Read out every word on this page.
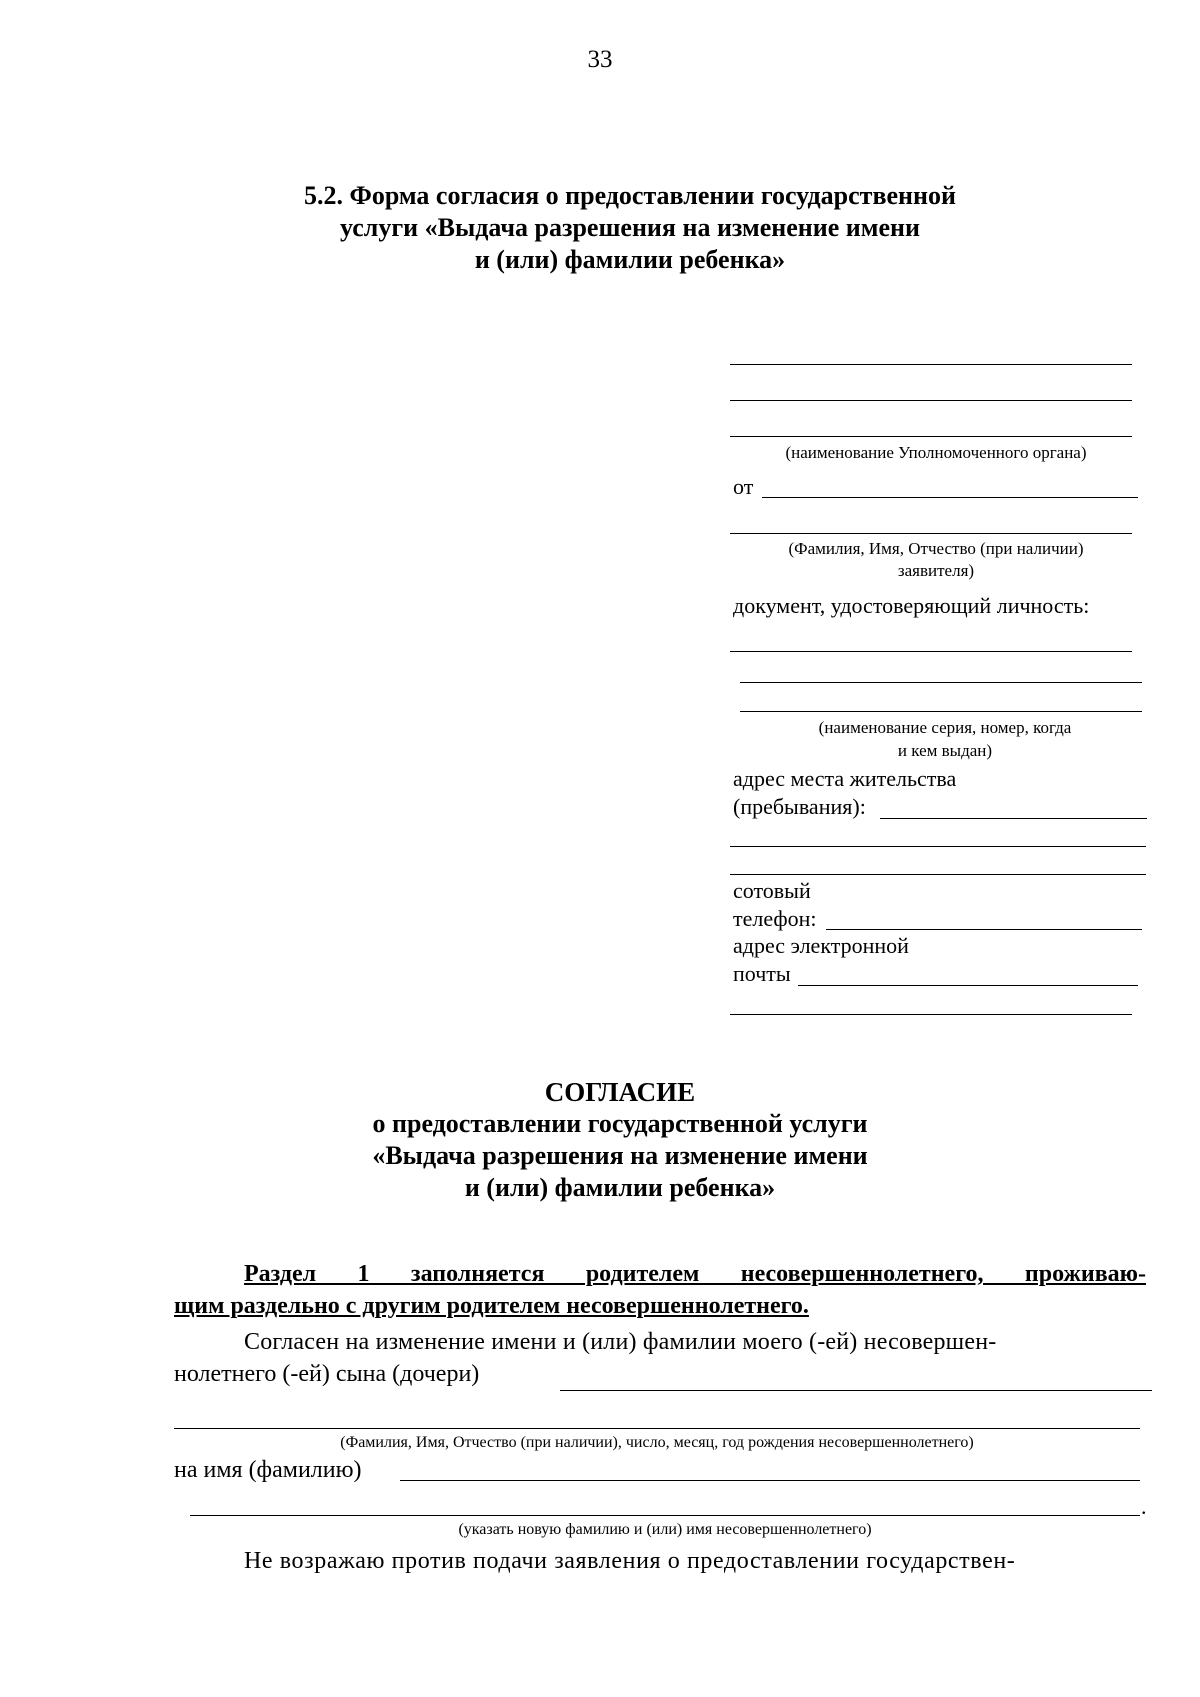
33
5.2. Форма согласия о предоставлении государственной
услуги «Выдача разрешения на изменение имени
и (или) фамилии ребенка»
(наименование Уполномоченного органа)
от
(Фамилия, Имя, Отчество (при наличии)
заявителя)
документ, удостоверяющий личность:
(наименование серия, номер, когда
и кем выдан)
адрес места жительства
(пребывания):
сотовый
телефон:
адрес электронной
почты
СОГЛАСИЕ
о предоставлении государственной услуги
«Выдача разрешения на изменение имени
и (или) фамилии ребенка»
Раздел 1 заполняется родителем несовершеннолетнего, проживаю-
щим раздельно с другим родителем несовершеннолетнего.
Согласен на изменение имени и (или) фамилии моего (-ей) несовершен-
нолетнего (-ей) сына (дочери)
(Фамилия, Имя, Отчество (при наличии), число, месяц, год рождения несовершеннолетнего)
на имя (фамилию)
.
(указать новую фамилию и (или) имя несовершеннолетнего)
Не возражаю против подачи заявления о предоставлении государствен-
